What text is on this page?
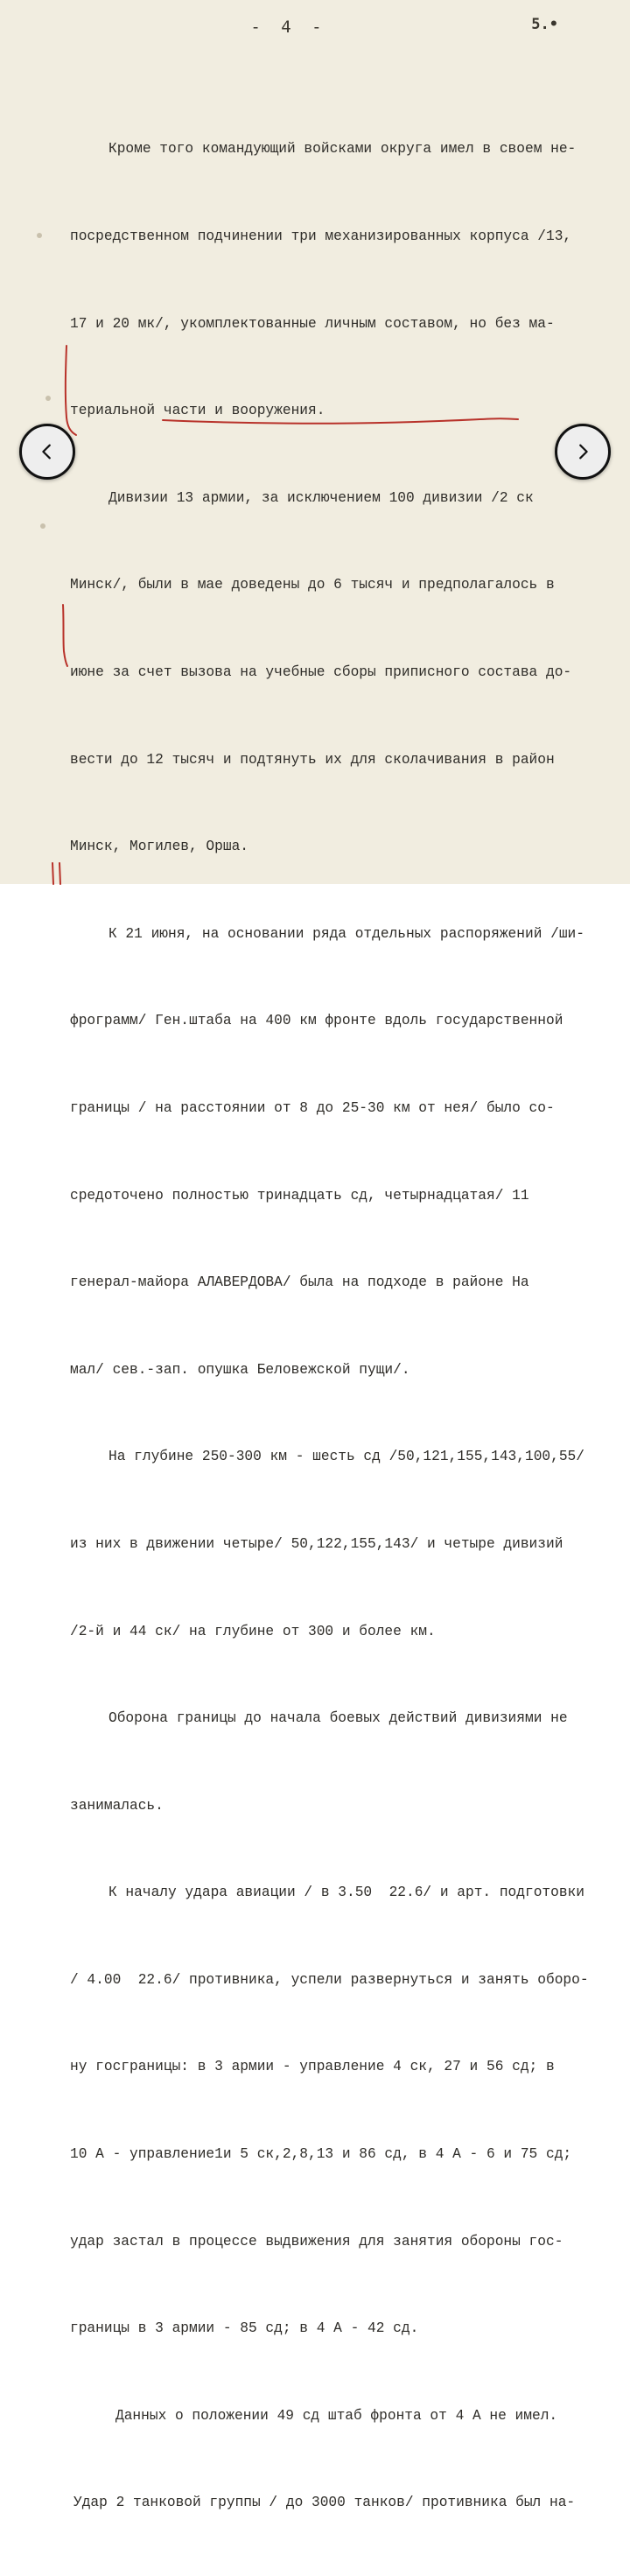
- 4 -	5.•

Кроме того командующий войсками округа имел в своем не-

посредственном подчинении три механизированных корпуса /13,

17 и 20 мк/, укомплектованные личным составом, но без ма-

териальной части и вооружения.

Дивизии 13 армии, за исключением 100 дивизии /2 ск

Минск/, были в мае доведены до 6 тысяч и предполагалось в

июне за счет вызова на учебные сборы приписного состава до-

вести до 12 тысяч и подтянуть их для сколачивания в район

Минск, Могилев, Орша.

К 21 июня, на основании ряда отдельных распоряжений /ши-

фрограмм/ Ген.штаба на 400 км фронте вдоль государственной

границы / на расстоянии от 8 до 25-30 км от нея/ было со-

средоточено полностью тринадцать сд, четырнадцатая/ 11

генерал-майора АЛАВЕРДОВА/ была на подходе в районе На

мал/ сев.-зап. опушка Беловежской пущи/.

На глубине 250-300 км - шесть сд /50,121,155,143,100,55/

из них в движении четыре/ 50,122,155,143/ и четыре дивизий

/2-й и 44 ск/ на глубине от 300 и более км.

Оборона границы до начала боевых действий дивизиями не

занималась.

К началу удара авиации / в 3.50  22.6/ и арт. подготовки

/ 4.00  22.6/ противника, успели развернуться и занять оборо-

ну госграницы: в 3 армии - управление 4 ск, 27 и 56 сд; в

10 А - управление1и 5 ск,2,8,13 и 86 сд, в 4 А - 6 и 75 сд;

удар застал в процессе выдвижения для занятия обороны гос-

границы в 3 армии - 85 сд; в 4 А - 42 сд.

Данных о положении 49 сд штаб фронта от 4 А не имел.

Удар 2 танковой группы / до 3000 танков/ противника был на-
